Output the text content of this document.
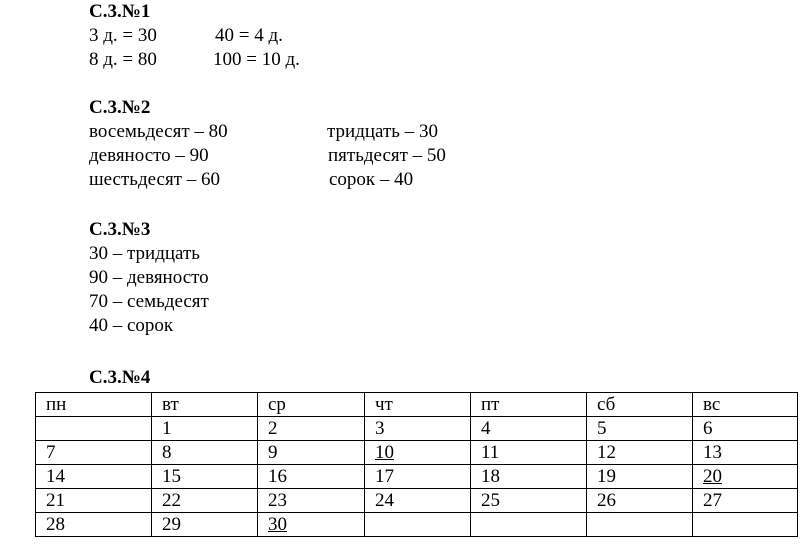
С.3.№1
3 д. = 30	40 = 4 д.
8 д. = 80	100 = 10 д.
С.3.№2
восемьдесят – 80	тридцать – 30
девяносто – 90	пятьдесят – 50
шестьдесят – 60	сорок – 40
С.3.№3
30 – тридцать
90 – девяносто
70 – семьдесят
40 – сорок
С.3.№4
пн	вт	ср	чт	пт	сб	вс
	1	2	3	4	5	6
7	8	9	10	11	12	13
14	15	16	17	18	19	20
21	22	23	24	25	26	27
28	29	30				
